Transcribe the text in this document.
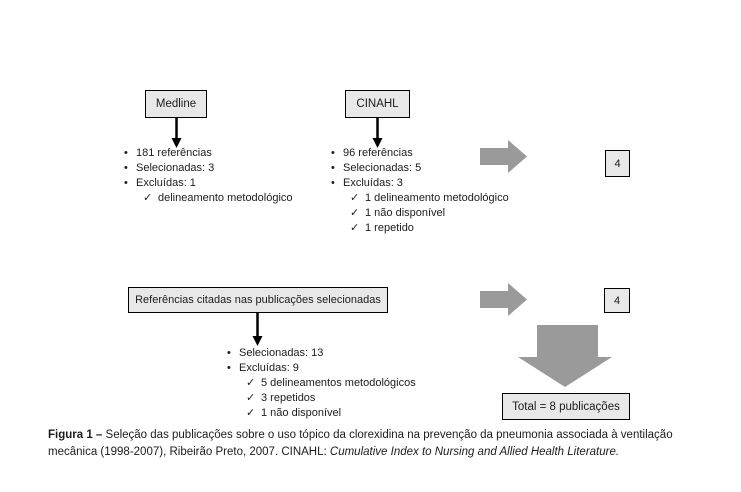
Medline	CINAHL
• 181 referências
• Selecionadas: 3
• Excluídas: 1
✓ delineamento metodológico
• 96 referências
• Selecionadas: 5
• Excluídas: 3
✓ 1 delineamento metodológico
✓ 1 não disponível
✓ 1 repetido
4
Referências citadas nas publicações selecionadas
• Selecionadas: 13
• Excluídas: 9
✓ 5 delineamentos metodológicos
✓ 3 repetidos
✓ 1 não disponível
4
Total = 8 publicações
Figura 1 – Seleção das publicações sobre o uso tópico da clorexidina na prevenção da pneumonia associada à ventilação
mecânica (1998-2007), Ribeirão Preto, 2007. CINAHL: Cumulative Index to Nursing and Allied Health Literature.
